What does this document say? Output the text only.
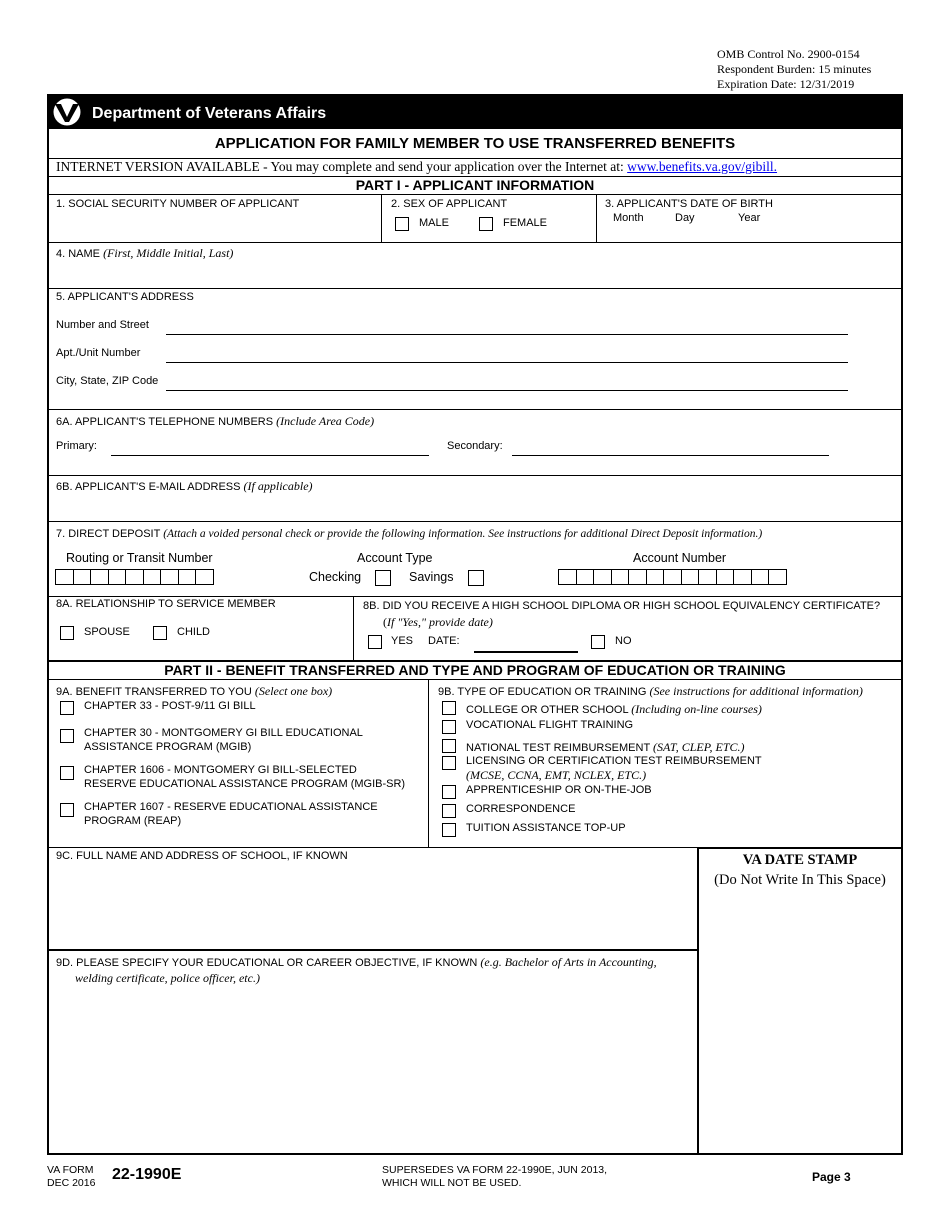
OMB Control No. 2900-0154
Respondent Burden: 15 minutes
Expiration Date: 12/31/2019
Department of Veterans Affairs
APPLICATION FOR FAMILY MEMBER TO USE TRANSFERRED BENEFITS
INTERNET VERSION AVAILABLE - You may complete and send your application over the Internet at: www.benefits.va.gov/gibill.
PART I - APPLICANT INFORMATION
1. SOCIAL SECURITY NUMBER OF APPLICANT	2. SEX OF APPLICANT
MALE	FEMALE
3. APPLICANT'S DATE OF BIRTH
Month	Day	Year
4. NAME (First, Middle Initial, Last)
5. APPLICANT'S ADDRESS
Number and Street
Apt./Unit Number
City, State, ZIP Code
6A. APPLICANT'S TELEPHONE NUMBERS (Include Area Code)
Primary:	Secondary:
6B. APPLICANT'S E-MAIL ADDRESS (If applicable)
7. DIRECT DEPOSIT (Attach a voided personal check or provide the following information. See instructions for additional Direct Deposit information.)
Routing or Transit Number	Account Type
Checking	Savings
Account Number
8A. RELATIONSHIP TO SERVICE MEMBER
SPOUSE	CHILD
8B. DID YOU RECEIVE A HIGH SCHOOL DIPLOMA OR HIGH SCHOOL EQUIVALENCY CERTIFICATE?
(If "Yes," provide date)
YES DATE:	NO
PART II - BENEFIT TRANSFERRED AND TYPE AND PROGRAM OF EDUCATION OR TRAINING
9A. BENEFIT TRANSFERRED TO YOU (Select one box)
CHAPTER 33 - POST-9/11 GI BILL
CHAPTER 30 - MONTGOMERY GI BILL EDUCATIONAL
ASSISTANCE PROGRAM (MGIB)
CHAPTER 1606 - MONTGOMERY GI BILL-SELECTED
RESERVE EDUCATIONAL ASSISTANCE PROGRAM (MGIB-SR)
CHAPTER 1607 - RESERVE EDUCATIONAL ASSISTANCE
PROGRAM (REAP)
9B. TYPE OF EDUCATION OR TRAINING (See instructions for additional information)
COLLEGE OR OTHER SCHOOL (Including on-line courses)
VOCATIONAL FLIGHT TRAINING
NATIONAL TEST REIMBURSEMENT (SAT, CLEP, ETC.)
LICENSING OR CERTIFICATION TEST REIMBURSEMENT
(MCSE, CCNA, EMT, NCLEX, ETC.)
APPRENTICESHIP OR ON-THE-JOB
CORRESPONDENCE
TUITION ASSISTANCE TOP-UP
9C. FULL NAME AND ADDRESS OF SCHOOL, IF KNOWN	VA DATE STAMP
(Do Not Write In This Space)
9D. PLEASE SPECIFY YOUR EDUCATIONAL OR CAREER OBJECTIVE, IF KNOWN (e.g. Bachelor of Arts in Accounting,
welding certificate, police officer, etc.)
VA FORM
DEC 2016 22-1990E	SUPERSEDES VA FORM 22-1990E, JUN 2013,
WHICH WILL NOT BE USED.	Page 3
